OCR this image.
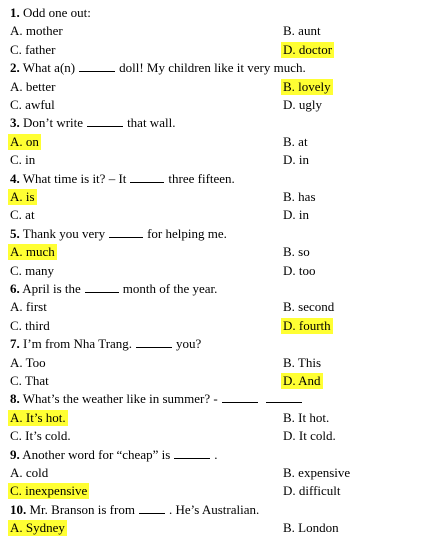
1. Odd one out:
A. mother	B. aunt
C. father	D. doctor
2. What a(n)	doll! My children like it very much.
A. better	B. lovely
C. awful	D. ugly
3. Don’t write	that wall.
A. on	B. at
C. in	D. in
4. What time is it? – It	three fifteen.
A. is	B. has
C. at	D. in
5. Thank you very	for helping me.
A. much	B. so
C. many	D. too
6. April is the	month of the year.
A. first	B. second
C. third	D. fourth
7. I’m from Nha Trang.	you?
A. Too	B. This
C. That	D. And
8. What’s the weather like in summer? -
A. It’s hot.	B. It hot.
C. It’s cold.	D. It cold.
9. Another word for “cheap” is	.
A. cold	B. expensive
C. inexpensive	D. difficult
10. Mr. Branson is from	. He’s Australian.
A. Sydney	B. London
